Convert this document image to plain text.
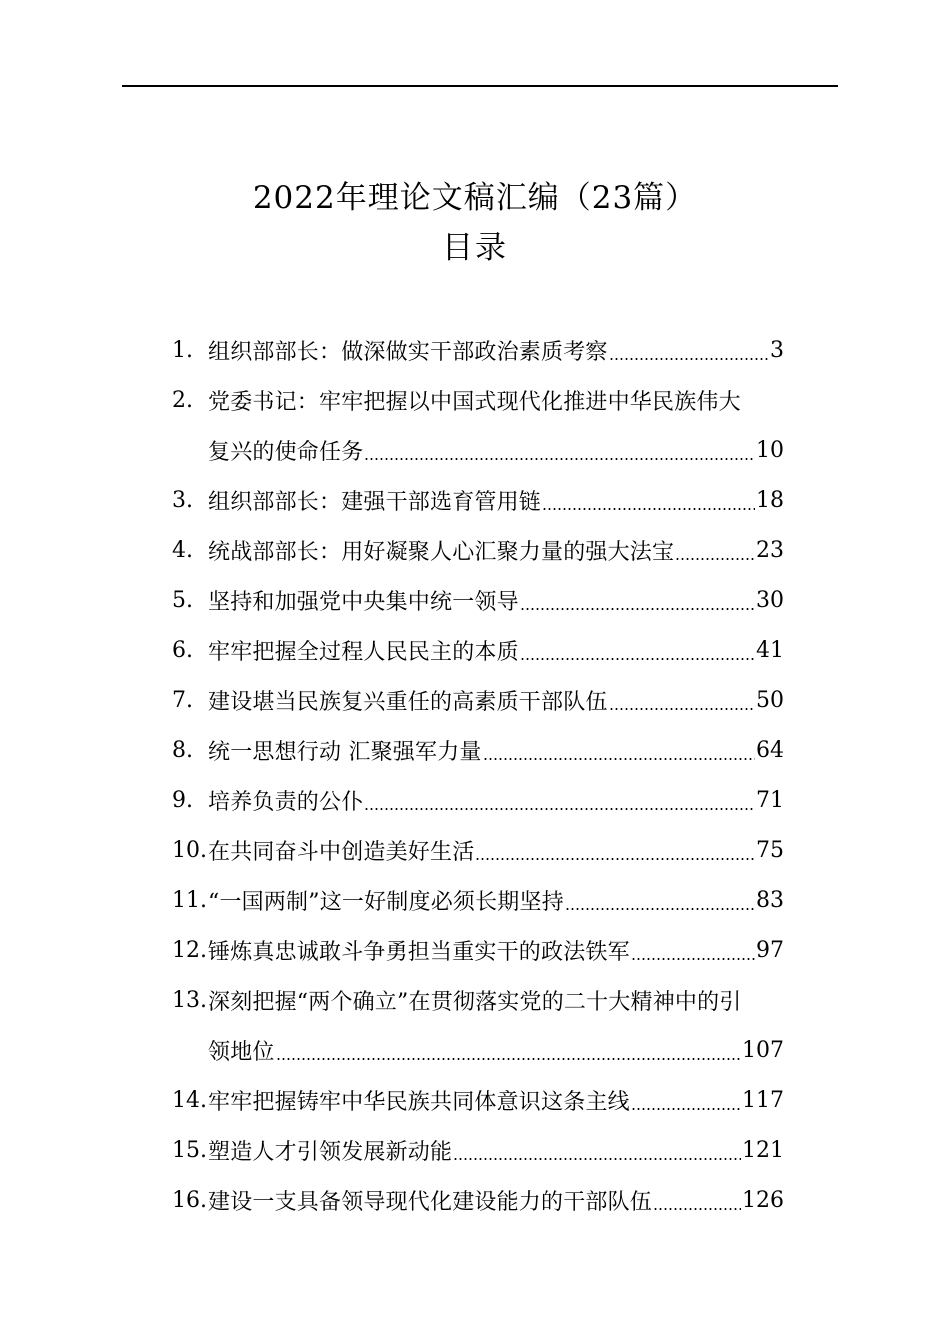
2022年理论文稿汇编（23篇）
目录
1. 组织部部长：做深做实干部政治素质考察	3
2. 党委书记：牢牢把握以中国式现代化推进中华民族伟大
复兴的使命任务	10
3. 组织部部长：建强干部选育管用链	18
4. 统战部部长：用好凝聚人心汇聚力量的强大法宝	23
5. 坚持和加强党中央集中统一领导	30
6. 牢牢把握全过程人民民主的本质	41
7. 建设堪当民族复兴重任的高素质干部队伍	50
8. 统一思想行动 汇聚强军力量	64
9. 培养负责的公仆	71
10. 在共同奋斗中创造美好生活	75
11. “一国两制”这一好制度必须长期坚持	83
12. 锤炼真忠诚敢斗争勇担当重实干的政法铁军	97
13. 深刻把握“两个确立”在贯彻落实党的二十大精神中的引
领地位	107
14. 牢牢把握铸牢中华民族共同体意识这条主线	117
15. 塑造人才引领发展新动能	121
16. 建设一支具备领导现代化建设能力的干部队伍	126
